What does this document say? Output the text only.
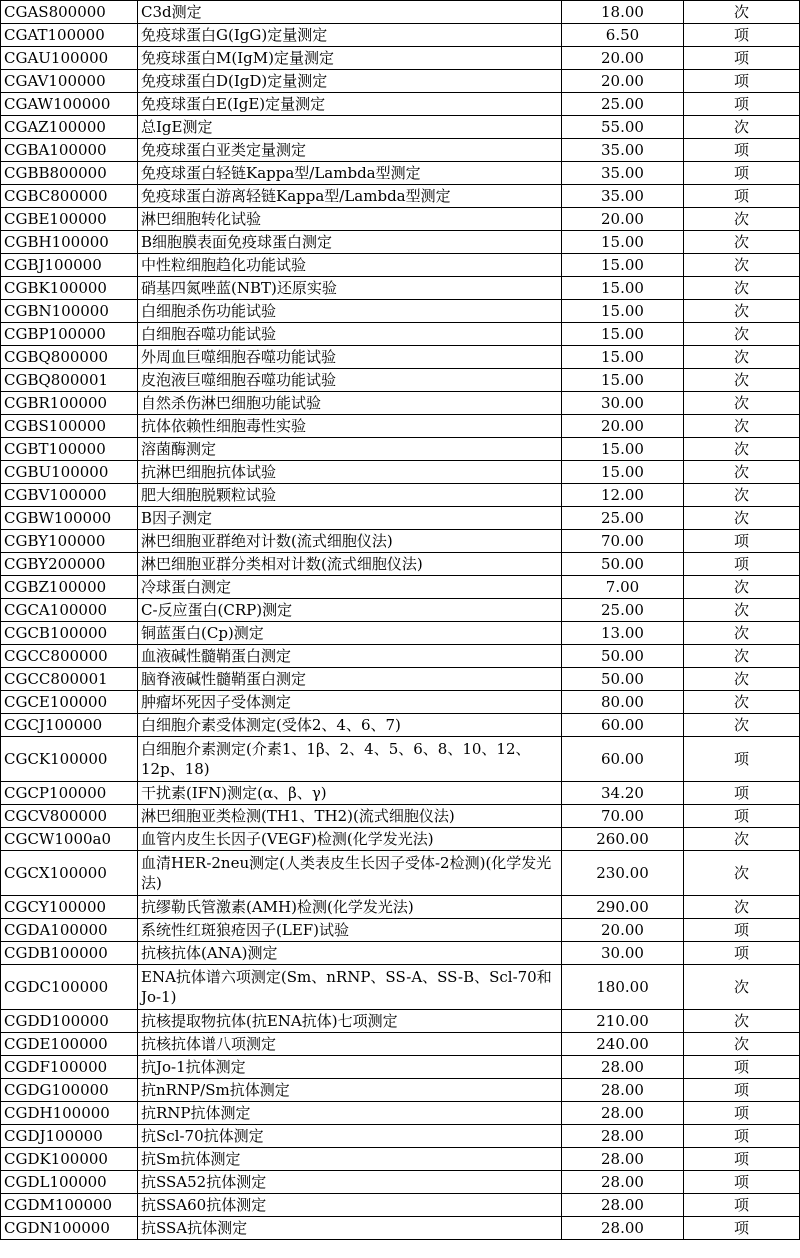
CGAS800000	C3d测定	18.00	次
CGAT100000	免疫球蛋白G(IgG)定量测定	6.50	项
CGAU100000	免疫球蛋白M(IgM)定量测定	20.00	项
CGAV100000	免疫球蛋白D(IgD)定量测定	20.00	项
CGAW100000	免疫球蛋白E(IgE)定量测定	25.00	项
CGAZ100000	总IgE测定	55.00	次
CGBA100000	免疫球蛋白亚类定量测定	35.00	项
CGBB800000	免疫球蛋白轻链Kappa型/Lambda型测定	35.00	项
CGBC800000	免疫球蛋白游离轻链Kappa型/Lambda型测定	35.00	项
CGBE100000	淋巴细胞转化试验	20.00	次
CGBH100000	B细胞膜表面免疫球蛋白测定	15.00	次
CGBJ100000	中性粒细胞趋化功能试验	15.00	次
CGBK100000	硝基四氮唑蓝(NBT)还原实验	15.00	次
CGBN100000	白细胞杀伤功能试验	15.00	次
CGBP100000	白细胞吞噬功能试验	15.00	次
CGBQ800000	外周血巨噬细胞吞噬功能试验	15.00	次
CGBQ800001	皮泡液巨噬细胞吞噬功能试验	15.00	次
CGBR100000	自然杀伤淋巴细胞功能试验	30.00	次
CGBS100000	抗体依赖性细胞毒性实验	20.00	次
CGBT100000	溶菌酶测定	15.00	次
CGBU100000	抗淋巴细胞抗体试验	15.00	次
CGBV100000	肥大细胞脱颗粒试验	12.00	次
CGBW100000	B因子测定	25.00	次
CGBY100000	淋巴细胞亚群绝对计数(流式细胞仪法)	70.00	项
CGBY200000	淋巴细胞亚群分类相对计数(流式细胞仪法)	50.00	项
CGBZ100000	冷球蛋白测定	7.00	次
CGCA100000	C-反应蛋白(CRP)测定	25.00	次
CGCB100000	铜蓝蛋白(Cp)测定	13.00	次
CGCC800000	血液碱性髓鞘蛋白测定	50.00	次
CGCC800001	脑脊液碱性髓鞘蛋白测定	50.00	次
CGCE100000	肿瘤坏死因子受体测定	80.00	次
CGCJ100000	白细胞介素受体测定(受体2、4、6、7)	60.00	次
CGCK100000	白细胞介素测定(介素1、1β、2、4、5、6、8、10、12、12p、18)	60.00	项
CGCP100000	干扰素(IFN)测定(α、β、γ)	34.20	项
CGCV800000	淋巴细胞亚类检测(TH1、TH2)(流式细胞仪法)	70.00	项
CGCW1000a0	血管内皮生长因子(VEGF)检测(化学发光法)	260.00	次
CGCX100000	血清HER-2neu测定(人类表皮生长因子受体-2检测)(化学发光法)	230.00	次
CGCY100000	抗缪勒氏管激素(AMH)检测(化学发光法)	290.00	次
CGDA100000	系统性红斑狼疮因子(LEF)试验	20.00	项
CGDB100000	抗核抗体(ANA)测定	30.00	项
CGDC100000	ENA抗体谱六项测定(Sm、nRNP、SS-A、SS-B、Scl-70和Jo-1)	180.00	次
CGDD100000	抗核提取物抗体(抗ENA抗体)七项测定	210.00	次
CGDE100000	抗核抗体谱八项测定	240.00	次
CGDF100000	抗Jo-1抗体测定	28.00	项
CGDG100000	抗nRNP/Sm抗体测定	28.00	项
CGDH100000	抗RNP抗体测定	28.00	项
CGDJ100000	抗Scl-70抗体测定	28.00	项
CGDK100000	抗Sm抗体测定	28.00	项
CGDL100000	抗SSA52抗体测定	28.00	项
CGDM100000	抗SSA60抗体测定	28.00	项
CGDN100000	抗SSA抗体测定	28.00	项
